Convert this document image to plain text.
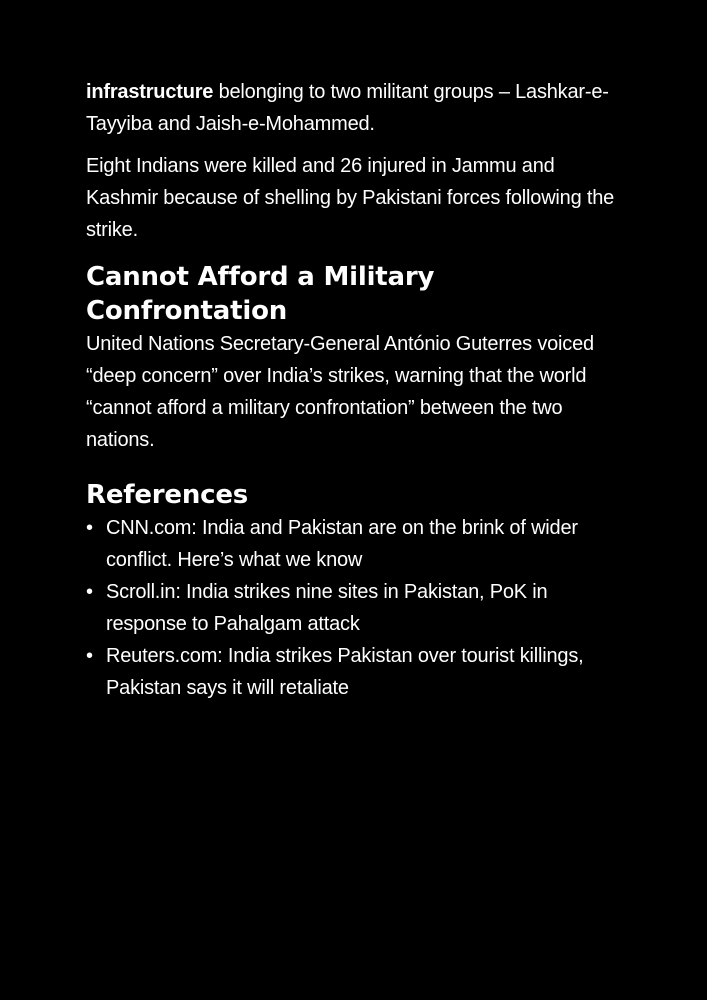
infrastructure belonging to two militant groups – Lashkar-e-Tayyiba and Jaish-e-Mohammed.

Eight Indians were killed and 26 injured in Jammu and Kashmir because of shelling by Pakistani forces following the strike.

Cannot Afford a Military Confrontation

United Nations Secretary-General António Guterres voiced “deep concern” over India’s strikes, warning that the world “cannot afford a military confrontation” between the two nations.

References
• CNN.com: India and Pakistan are on the brink of wider conflict. Here’s what we know
• Scroll.in: India strikes nine sites in Pakistan, PoK in response to Pahalgam attack
• Reuters.com: India strikes Pakistan over tourist killings, Pakistan says it will retaliate
